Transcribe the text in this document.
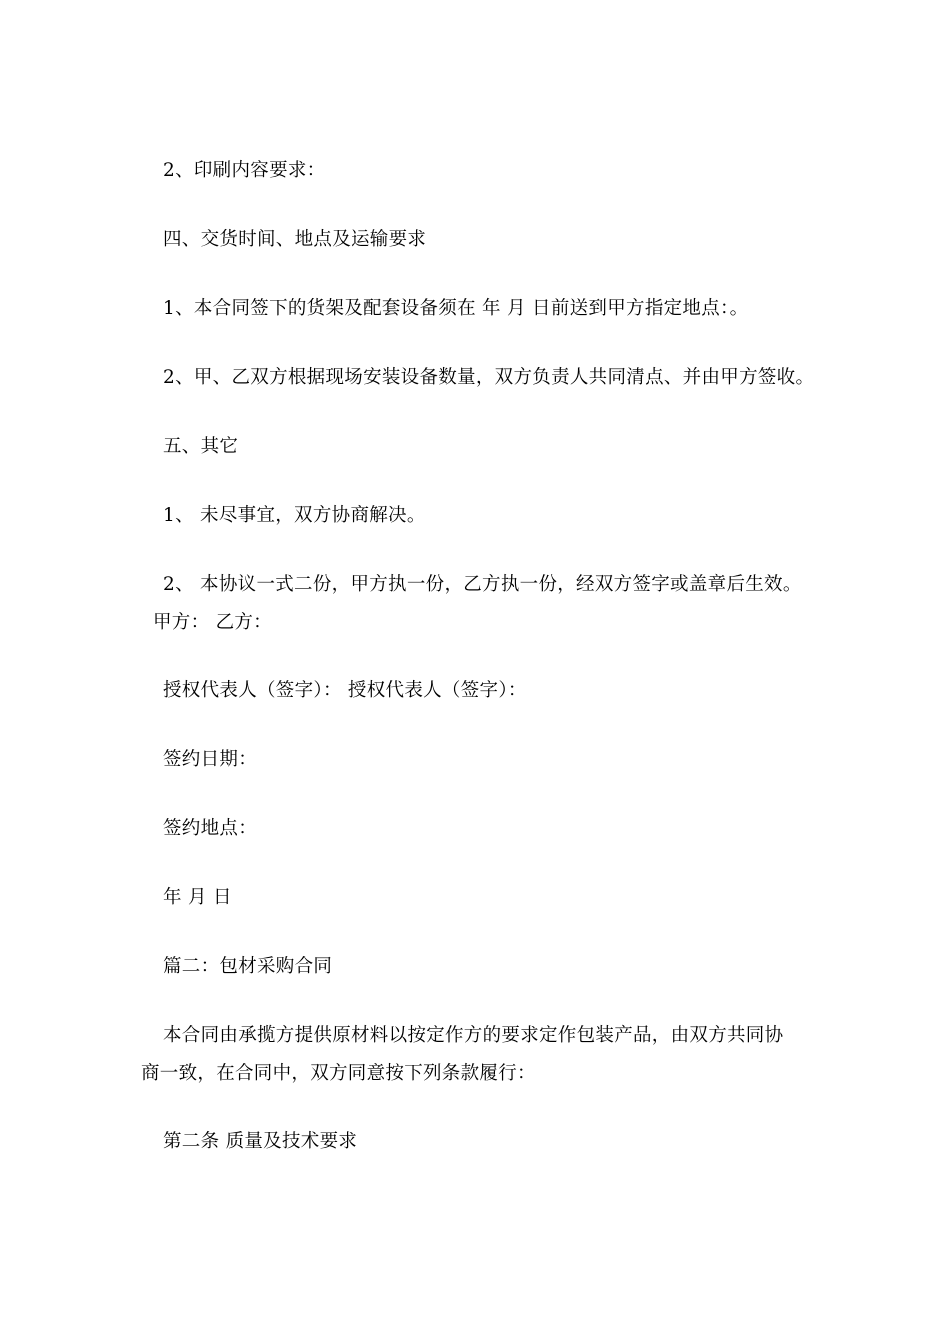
2、印刷内容要求：
四、交货时间、地点及运输要求
1、本合同签下的货架及配套设备须在 年 月 日前送到甲方指定地点：。
2、甲、乙双方根据现场安装设备数量，双方负责人共同清点、并由甲方签收。
五、其它
1、 未尽事宜，双方协商解决。
2、 本协议一式二份，甲方执一份，乙方执一份，经双方签字或盖章后生效。
甲方： 乙方：
授权代表人（签字）： 授权代表人（签字）：
签约日期：
签约地点：
年 月 日
篇二：包材采购合同
本合同由承揽方提供原材料以按定作方的要求定作包装产品，由双方共同协
商一致，在合同中，双方同意按下列条款履行：
第二条 质量及技术要求
